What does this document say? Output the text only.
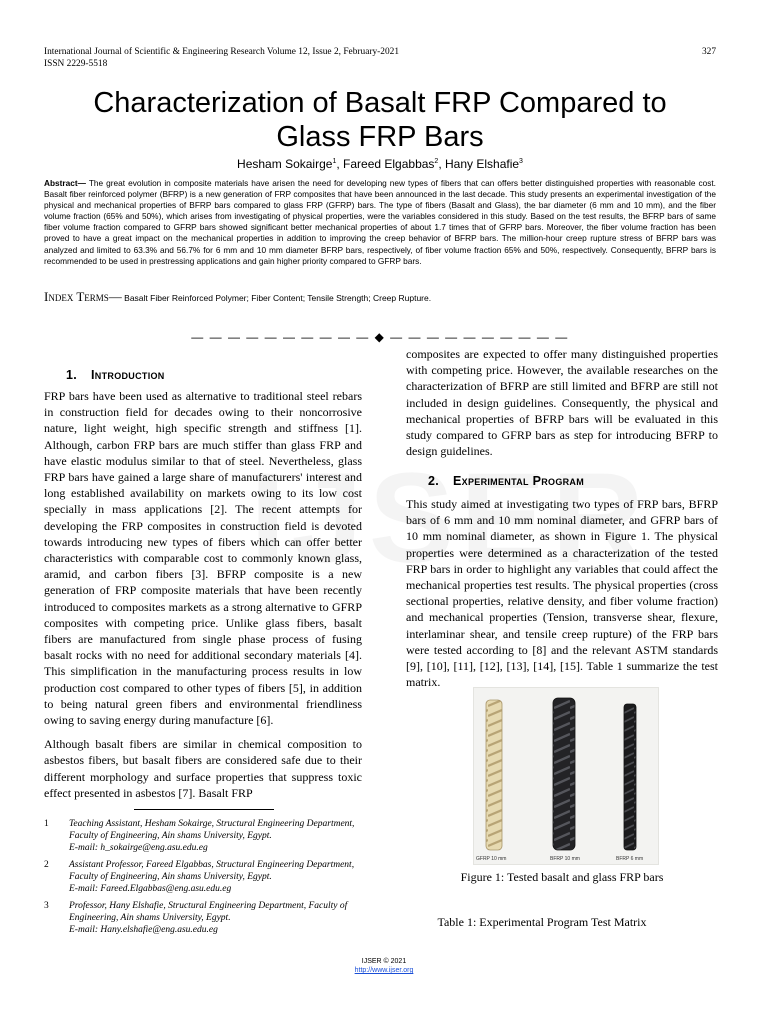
International Journal of Scientific & Engineering Research Volume 12, Issue 2, February-2021
ISSN 2229-5518
327
Characterization of Basalt FRP Compared to
Glass FRP Bars
Hesham Sokairge$^1$, Fareed Elgabbas$^2$, Hany Elshafie$^3$
Abstract— The great evolution in composite materials have arisen the need for developing new types of fibers that can offers better distinguished properties with reasonable cost. Basalt fiber reinforced polymer (BFRP) is a new generation of FRP composites that have been announced in the last decade. This study presents an experimental investigation of the physical and mechanical properties of BFRP bars compared to glass FRP (GFRP) bars. The type of fibers (Basalt and Glass), the bar diameter (6 mm and 10 mm), and the fiber volume fraction (65% and 50%), which arises from investigating of physical properties, were the variables considered in this study. Based on the test results, the BFRP bars of same fiber volume fraction compared to GFRP bars showed significant better mechanical properties of about 1.7 times that of GFRP bars. Moreover, the fiber volume fraction has been proved to have a great impact on the mechanical properties in addition to improving the creep behavior of BFRP bars. The million-hour creep rupture stress of BFRP bars was analyzed and limited to 63.3% and 56.7% for 6 mm and 10 mm diameter BFRP bars, respectively, of fiber volume fraction 65% and 50%, respectively. Consequently, BFRP bars is recommended to be used in prestressing applications and gain higher priority compared to GFRP bars.
Index Terms— Basalt Fiber Reinforced Polymer; Fiber Content; Tensile Strength; Creep Rupture.
— — — — — — — — — — ◆ — — — — — — — — — —
1. Introduction

FRP bars have been used as alternative to traditional steel rebars in construction field for decades owing to their noncorrosive nature, light weight, high specific strength and stiffness [1]. Although, carbon FRP bars are much stiffer than glass FRP and have elastic modulus similar to that of steel. Nevertheless, glass FRP bars have gained a large share of manufacturers' interest and long established availability on markets owing to its low cost specially in mass applications [2]. The recent attempts for developing the FRP composites in construction field is devoted towards introducing new types of fibers which can offer better characteristics with comparable cost to commonly known glass, aramid, and carbon fibers [3]. BFRP composite is a new generation of FRP composite materials that have been recently introduced to composites markets as a strong alternative to GFRP composites with competing price. Unlike glass fibers, basalt fibers are manufactured from single phase process of fusing basalt rocks with no need for additional secondary materials [4]. This simplification in the manufacturing process results in low production cost compared to other types of fibers [5], in addition to being natural green fibers and environmental friendliness owing to saving energy during manufacture [6].

Although basalt fibers are similar in chemical composition to asbestos fibers, but basalt fibers are considered safe due to their different morphology and surface properties that suppress toxic effect presented in asbestos [7]. Basalt FRP

1 Teaching Assistant, Hesham Sokairge, Structural Engineering Department, Faculty of Engineering, Ain shams University, Egypt.
E-mail: h_sokairge@eng.asu.edu.eg
2 Assistant Professor, Fareed Elgabbas, Structural Engineering Department, Faculty of Engineering, Ain shams University, Egypt.
E-mail: Fareed.Elgabbas@eng.asu.edu.eg
3 Professor, Hany Elshafie, Structural Engineering Department, Faculty of Engineering, Ain shams University, Egypt.
E-mail: Hany.elshafie@eng.asu.edu.eg

composites are expected to offer many distinguished properties with competing price. However, the available researches on the characterization of BFRP are still limited and BFRP are still not included in design guidelines. Consequently, the physical and mechanical properties of BFRP bars will be evaluated in this study compared to GFRP bars as step for introducing BFRP to design guidelines.

2. Experimental Program

This study aimed at investigating two types of FRP bars, BFRP bars of 6 mm and 10 mm nominal diameter, and GFRP bars of 10 mm nominal diameter, as shown in Figure 1. The physical properties were determined as a characterization of the tested FRP bars in order to highlight any variables that could affect the mechanical properties test results. The physical properties (cross sectional properties, relative density, and fiber volume fraction) and mechanical properties (Tension, transverse shear, flexure, interlaminar shear, and tensile creep rupture) of the FRP bars were tested according to [8] and the relevant ASTM standards [9], [10], [11], [12], [13], [14], [15]. Table 1 summarize the test matrix.

GFRP 10 mm	BFRP 10 mm	BFRP 6 mm
Figure 1: Tested basalt and glass FRP bars
Table 1: Experimental Program Test Matrix
IJSER © 2021
http://www.ijser.org
